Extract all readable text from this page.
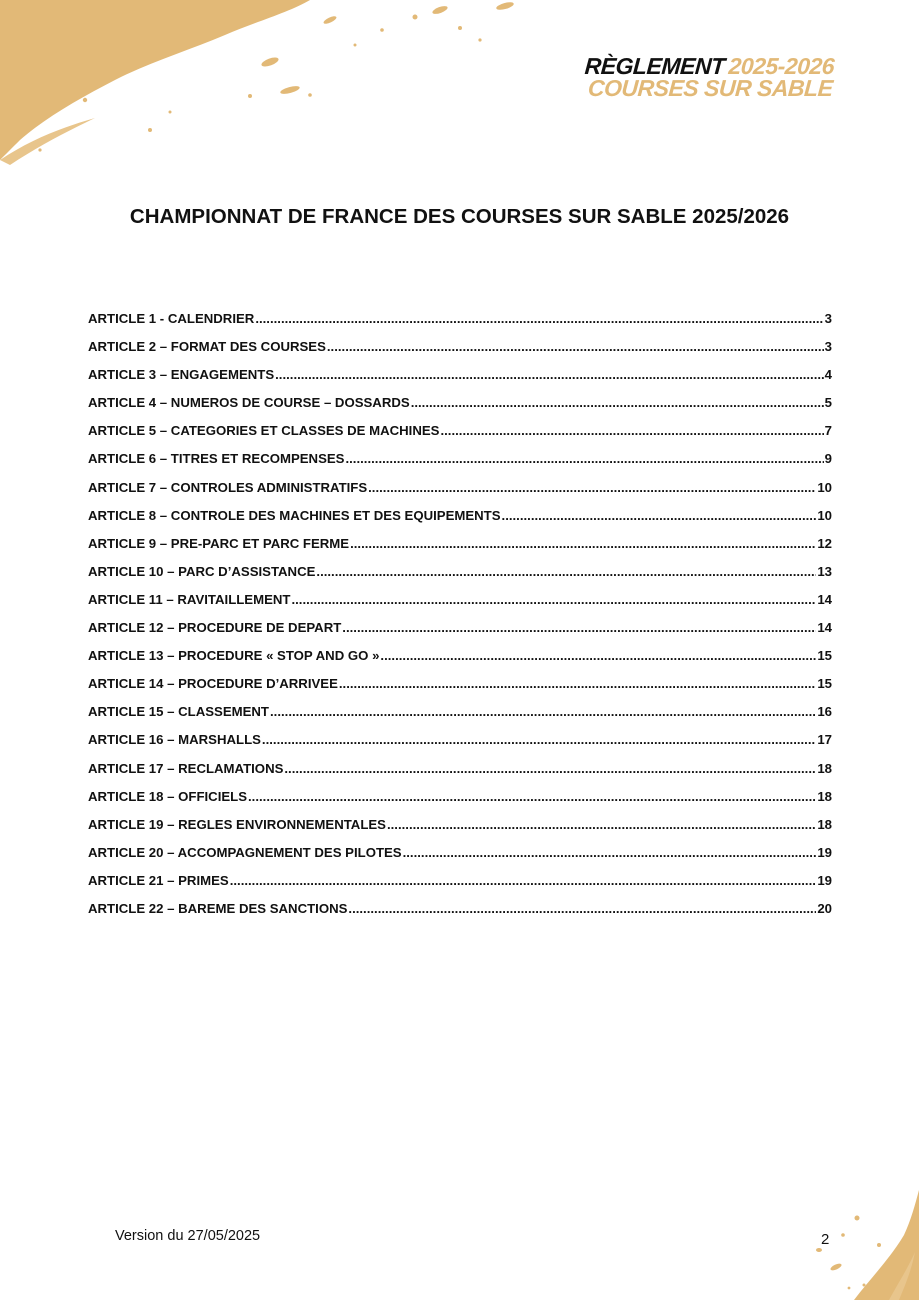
RÈGLEMENT2025-2026
COURSES SUR SABLE
CHAMPIONNAT DE FRANCE DES COURSES SUR SABLE 2025/2026
ARTICLE 1 - CALENDRIER .....	3
ARTICLE 2 – FORMAT DES COURSES .....	3
ARTICLE 3 – ENGAGEMENTS .....	4
ARTICLE 4 – NUMEROS DE COURSE – DOSSARDS .....	5
ARTICLE 5 – CATEGORIES ET CLASSES DE MACHINES .....	7
ARTICLE 6 – TITRES ET RECOMPENSES .....	9
ARTICLE 7 – CONTROLES ADMINISTRATIFS .....	10
ARTICLE 8 – CONTROLE DES MACHINES ET DES EQUIPEMENTS .....	10
ARTICLE 9 – PRE-PARC ET PARC FERME .....	12
ARTICLE 10 – PARC D’ASSISTANCE .....	13
ARTICLE 11 – RAVITAILLEMENT .....	14
ARTICLE 12 – PROCEDURE DE DEPART .....	14
ARTICLE 13 – PROCEDURE « STOP AND GO » .....	15
ARTICLE 14 – PROCEDURE D’ARRIVEE .....	15
ARTICLE 15 – CLASSEMENT .....	16
ARTICLE 16 – MARSHALLS .....	17
ARTICLE 17 – RECLAMATIONS .....	18
ARTICLE 18 – OFFICIELS .....	18
ARTICLE 19 – REGLES ENVIRONNEMENTALES .....	18
ARTICLE 20 – ACCOMPAGNEMENT DES PILOTES .....	19
ARTICLE 21 – PRIMES .....	19
ARTICLE 22 – BAREME DES SANCTIONS .....	20
Version du 27/05/2025	2
